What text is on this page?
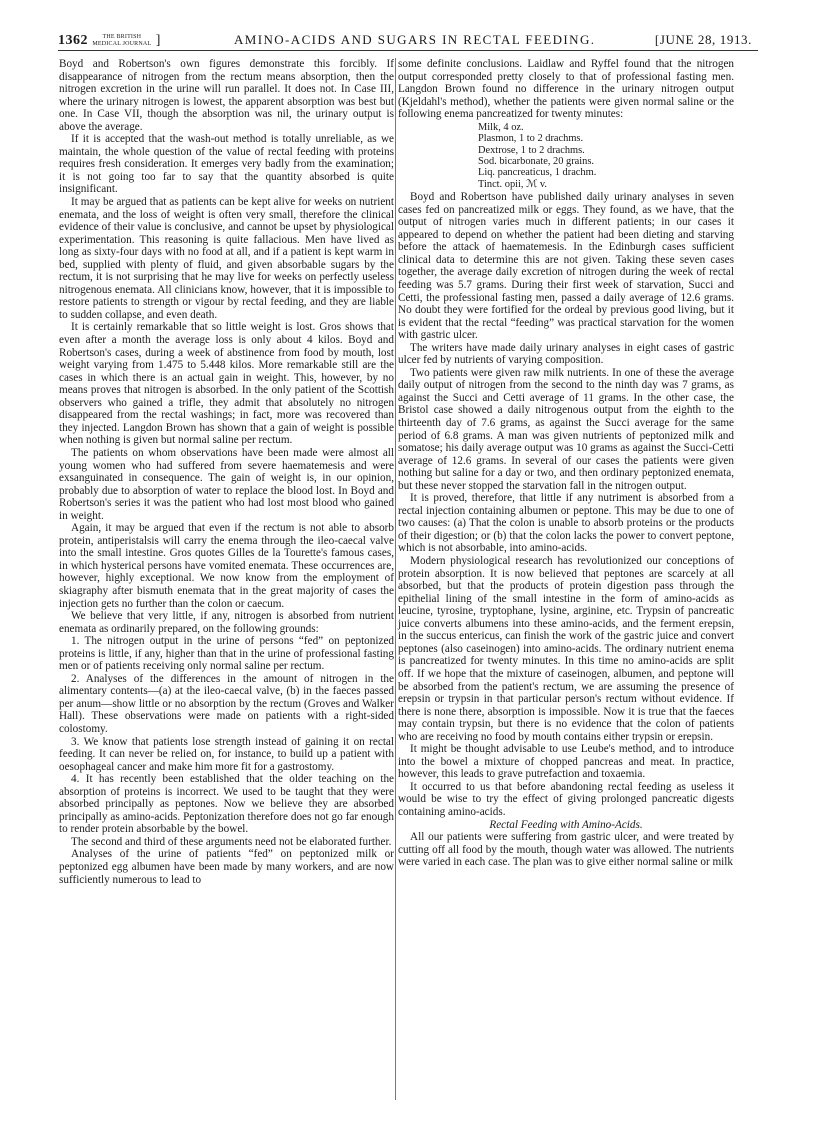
1362 THE BRITISH
MEDICAL JOURNAL ]	AMINO-ACIDS AND SUGARS IN RECTAL FEEDING.	[JUNE 28, 1913.

Boyd and Robertson's own figures demonstrate this forcibly. If disappearance of nitrogen from the rectum means absorption, then the nitrogen excretion in the urine will run parallel. It does not. In Case III, where the urinary nitrogen is lowest, the apparent absorption was best but one. In Case VII, though the absorption was nil, the urinary output is above the average.

If it is accepted that the wash-out method is totally unreliable, as we maintain, the whole question of the value of rectal feeding with proteins requires fresh consideration. It emerges very badly from the examination; it is not going too far to say that the quantity absorbed is quite insignificant.

It may be argued that as patients can be kept alive for weeks on nutrient enemata, and the loss of weight is often very small, therefore the clinical evidence of their value is conclusive, and cannot be upset by physiological experimentation. This reasoning is quite fallacious. Men have lived as long as sixty-four days with no food at all, and if a patient is kept warm in bed, supplied with plenty of fluid, and given absorbable sugars by the rectum, it is not surprising that he may live for weeks on perfectly useless nitrogenous enemata. All clinicians know, however, that it is impossible to restore patients to strength or vigour by rectal feeding, and they are liable to sudden collapse, and even death.

It is certainly remarkable that so little weight is lost. Gros shows that even after a month the average loss is only about 4 kilos. Boyd and Robertson's cases, during a week of abstinence from food by mouth, lost weight varying from 1.475 to 5.448 kilos. More remarkable still are the cases in which there is an actual gain in weight. This, however, by no means proves that nitrogen is absorbed. In the only patient of the Scottish observers who gained a trifle, they admit that absolutely no nitrogen disappeared from the rectal washings; in fact, more was recovered than they injected. Langdon Brown has shown that a gain of weight is possible when nothing is given but normal saline per rectum.

The patients on whom observations have been made were almost all young women who had suffered from severe haematemesis and were exsanguinated in consequence. The gain of weight is, in our opinion, probably due to absorption of water to replace the blood lost. In Boyd and Robertson's series it was the patient who had lost most blood who gained in weight.

Again, it may be argued that even if the rectum is not able to absorb protein, antiperistalsis will carry the enema through the ileo-caecal valve into the small intestine. Gros quotes Gilles de la Tourette's famous cases, in which hysterical persons have vomited enemata. These occurrences are, however, highly exceptional. We now know from the employment of skiagraphy after bismuth enemata that in the great majority of cases the injection gets no further than the colon or caecum.

We believe that very little, if any, nitrogen is absorbed from nutrient enemata as ordinarily prepared, on the following grounds:

1. The nitrogen output in the urine of persons “fed” on peptonized proteins is little, if any, higher than that in the urine of professional fasting men or of patients receiving only normal saline per rectum.

2. Analyses of the differences in the amount of nitrogen in the alimentary contents—(a) at the ileo-caecal valve, (b) in the faeces passed per anum—show little or no absorption by the rectum (Groves and Walker Hall). These observations were made on patients with a right-sided colostomy.

3. We know that patients lose strength instead of gaining it on rectal feeding. It can never be relied on, for instance, to build up a patient with oesophageal cancer and make him more fit for a gastrostomy.

4. It has recently been established that the older teaching on the absorption of proteins is incorrect. We used to be taught that they were absorbed principally as peptones. Now we believe they are absorbed principally as amino-acids. Peptonization therefore does not go far enough to render protein absorbable by the bowel.

The second and third of these arguments need not be elaborated further.

Analyses of the urine of patients “fed” on peptonized milk or peptonized egg albumen have been made by many workers, and are now sufficiently numerous to lead to

some definite conclusions. Laidlaw and Ryffel found that the nitrogen output corresponded pretty closely to that of professional fasting men. Langdon Brown found no difference in the urinary nitrogen output (Kjeldahl's method), whether the patients were given normal saline or the following enema pancreatized for twenty minutes:

Milk, 4 oz.
Plasmon, 1 to 2 drachms.
Dextrose, 1 to 2 drachms.
Sod. bicarbonate, 20 grains.
Liq. pancreaticus, 1 drachm.
Tinct. opii, ℳ v.

Boyd and Robertson have published daily urinary analyses in seven cases fed on pancreatized milk or eggs. They found, as we have, that the output of nitrogen varies much in different patients; in our cases it appeared to depend on whether the patient had been dieting and starving before the attack of haematemesis. In the Edinburgh cases sufficient clinical data to determine this are not given. Taking these seven cases together, the average daily excretion of nitrogen during the week of rectal feeding was 5.7 grams. During their first week of starvation, Succi and Cetti, the professional fasting men, passed a daily average of 12.6 grams. No doubt they were fortified for the ordeal by previous good living, but it is evident that the rectal “feeding” was practical starvation for the women with gastric ulcer.

The writers have made daily urinary analyses in eight cases of gastric ulcer fed by nutrients of varying composition.

Two patients were given raw milk nutrients. In one of these the average daily output of nitrogen from the second to the ninth day was 7 grams, as against the Succi and Cetti average of 11 grams. In the other case, the Bristol case showed a daily nitrogenous output from the eighth to the thirteenth day of 7.6 grams, as against the Succi average for the same period of 6.8 grams. A man was given nutrients of peptonized milk and somatose; his daily average output was 10 grams as against the Succi-Cetti average of 12.6 grams. In several of our cases the patients were given nothing but saline for a day or two, and then ordinary peptonized enemata, but these never stopped the starvation fall in the nitrogen output.

It is proved, therefore, that little if any nutriment is absorbed from a rectal injection containing albumen or peptone. This may be due to one of two causes: (a) That the colon is unable to absorb proteins or the products of their digestion; or (b) that the colon lacks the power to convert peptone, which is not absorbable, into amino-acids.

Modern physiological research has revolutionized our conceptions of protein absorption. It is now believed that peptones are scarcely at all absorbed, but that the products of protein digestion pass through the epithelial lining of the small intestine in the form of amino-acids as leucine, tyrosine, tryptophane, lysine, arginine, etc. Trypsin of pancreatic juice converts albumens into these amino-acids, and the ferment erepsin, in the succus entericus, can finish the work of the gastric juice and convert peptones (also caseinogen) into amino-acids. The ordinary nutrient enema is pancreatized for twenty minutes. In this time no amino-acids are split off. If we hope that the mixture of caseinogen, albumen, and peptone will be absorbed from the patient's rectum, we are assuming the presence of erepsin or trypsin in that particular person's rectum without evidence. If there is none there, absorption is impossible. Now it is true that the faeces may contain trypsin, but there is no evidence that the colon of patients who are receiving no food by mouth contains either trypsin or erepsin.

It might be thought advisable to use Leube's method, and to introduce into the bowel a mixture of chopped pancreas and meat. In practice, however, this leads to grave putrefaction and toxaemia.

It occurred to us that before abandoning rectal feeding as useless it would be wise to try the effect of giving prolonged pancreatic digests containing amino-acids.

Rectal Feeding with Amino-Acids.

All our patients were suffering from gastric ulcer, and were treated by cutting off all food by the mouth, though water was allowed. The nutrients were varied in each case. The plan was to give either normal saline or milk
